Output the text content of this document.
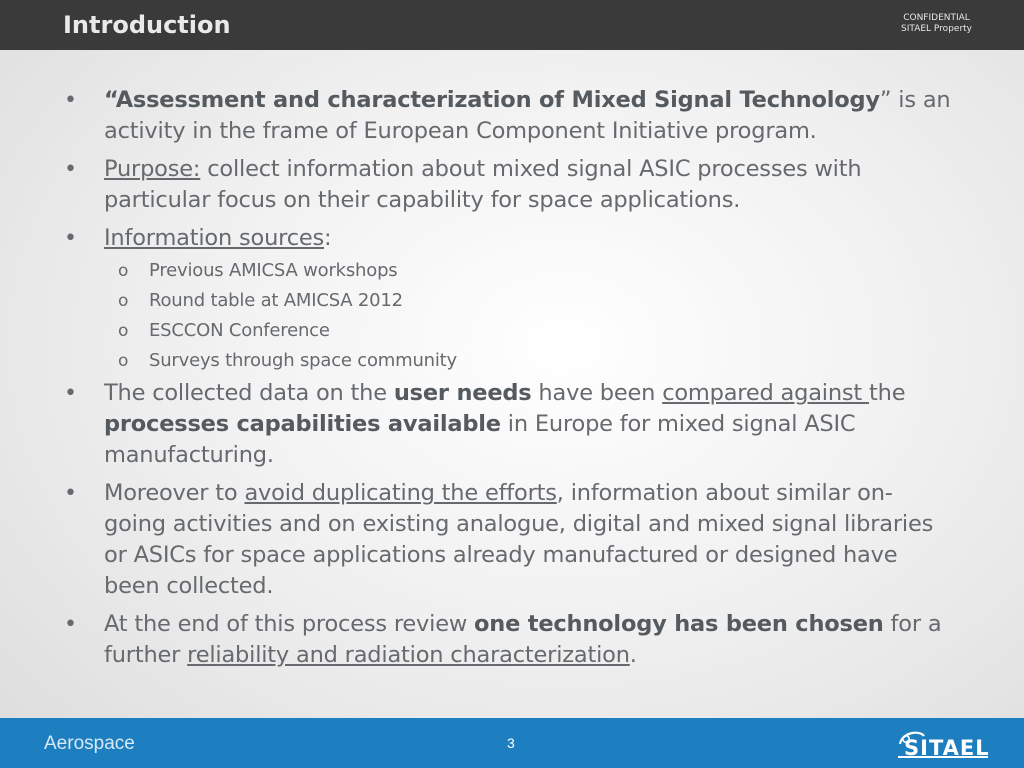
Introduction	CONFIDENTIAL
SITAEL Property
• “Assessment and characterization of Mixed Signal Technology” is an activity in the frame of European Component Initiative program.
• Purpose: collect information about mixed signal ASIC processes with particular focus on their capability for space applications.
• Information sources:
o Previous AMICSA workshops
o Round table at AMICSA 2012
o ESCCON Conference
o Surveys through space community
• The collected data on the user needs have been compared against the processes capabilities available in Europe for mixed signal ASIC manufacturing.
• Moreover to avoid duplicating the efforts, information about similar on-going activities and on existing analogue, digital and mixed signal libraries or ASICs for space applications already manufactured or designed have been collected.
• At the end of this process review one technology has been chosen for a further reliability and radiation characterization.
Aerospace	3	SITAEL
